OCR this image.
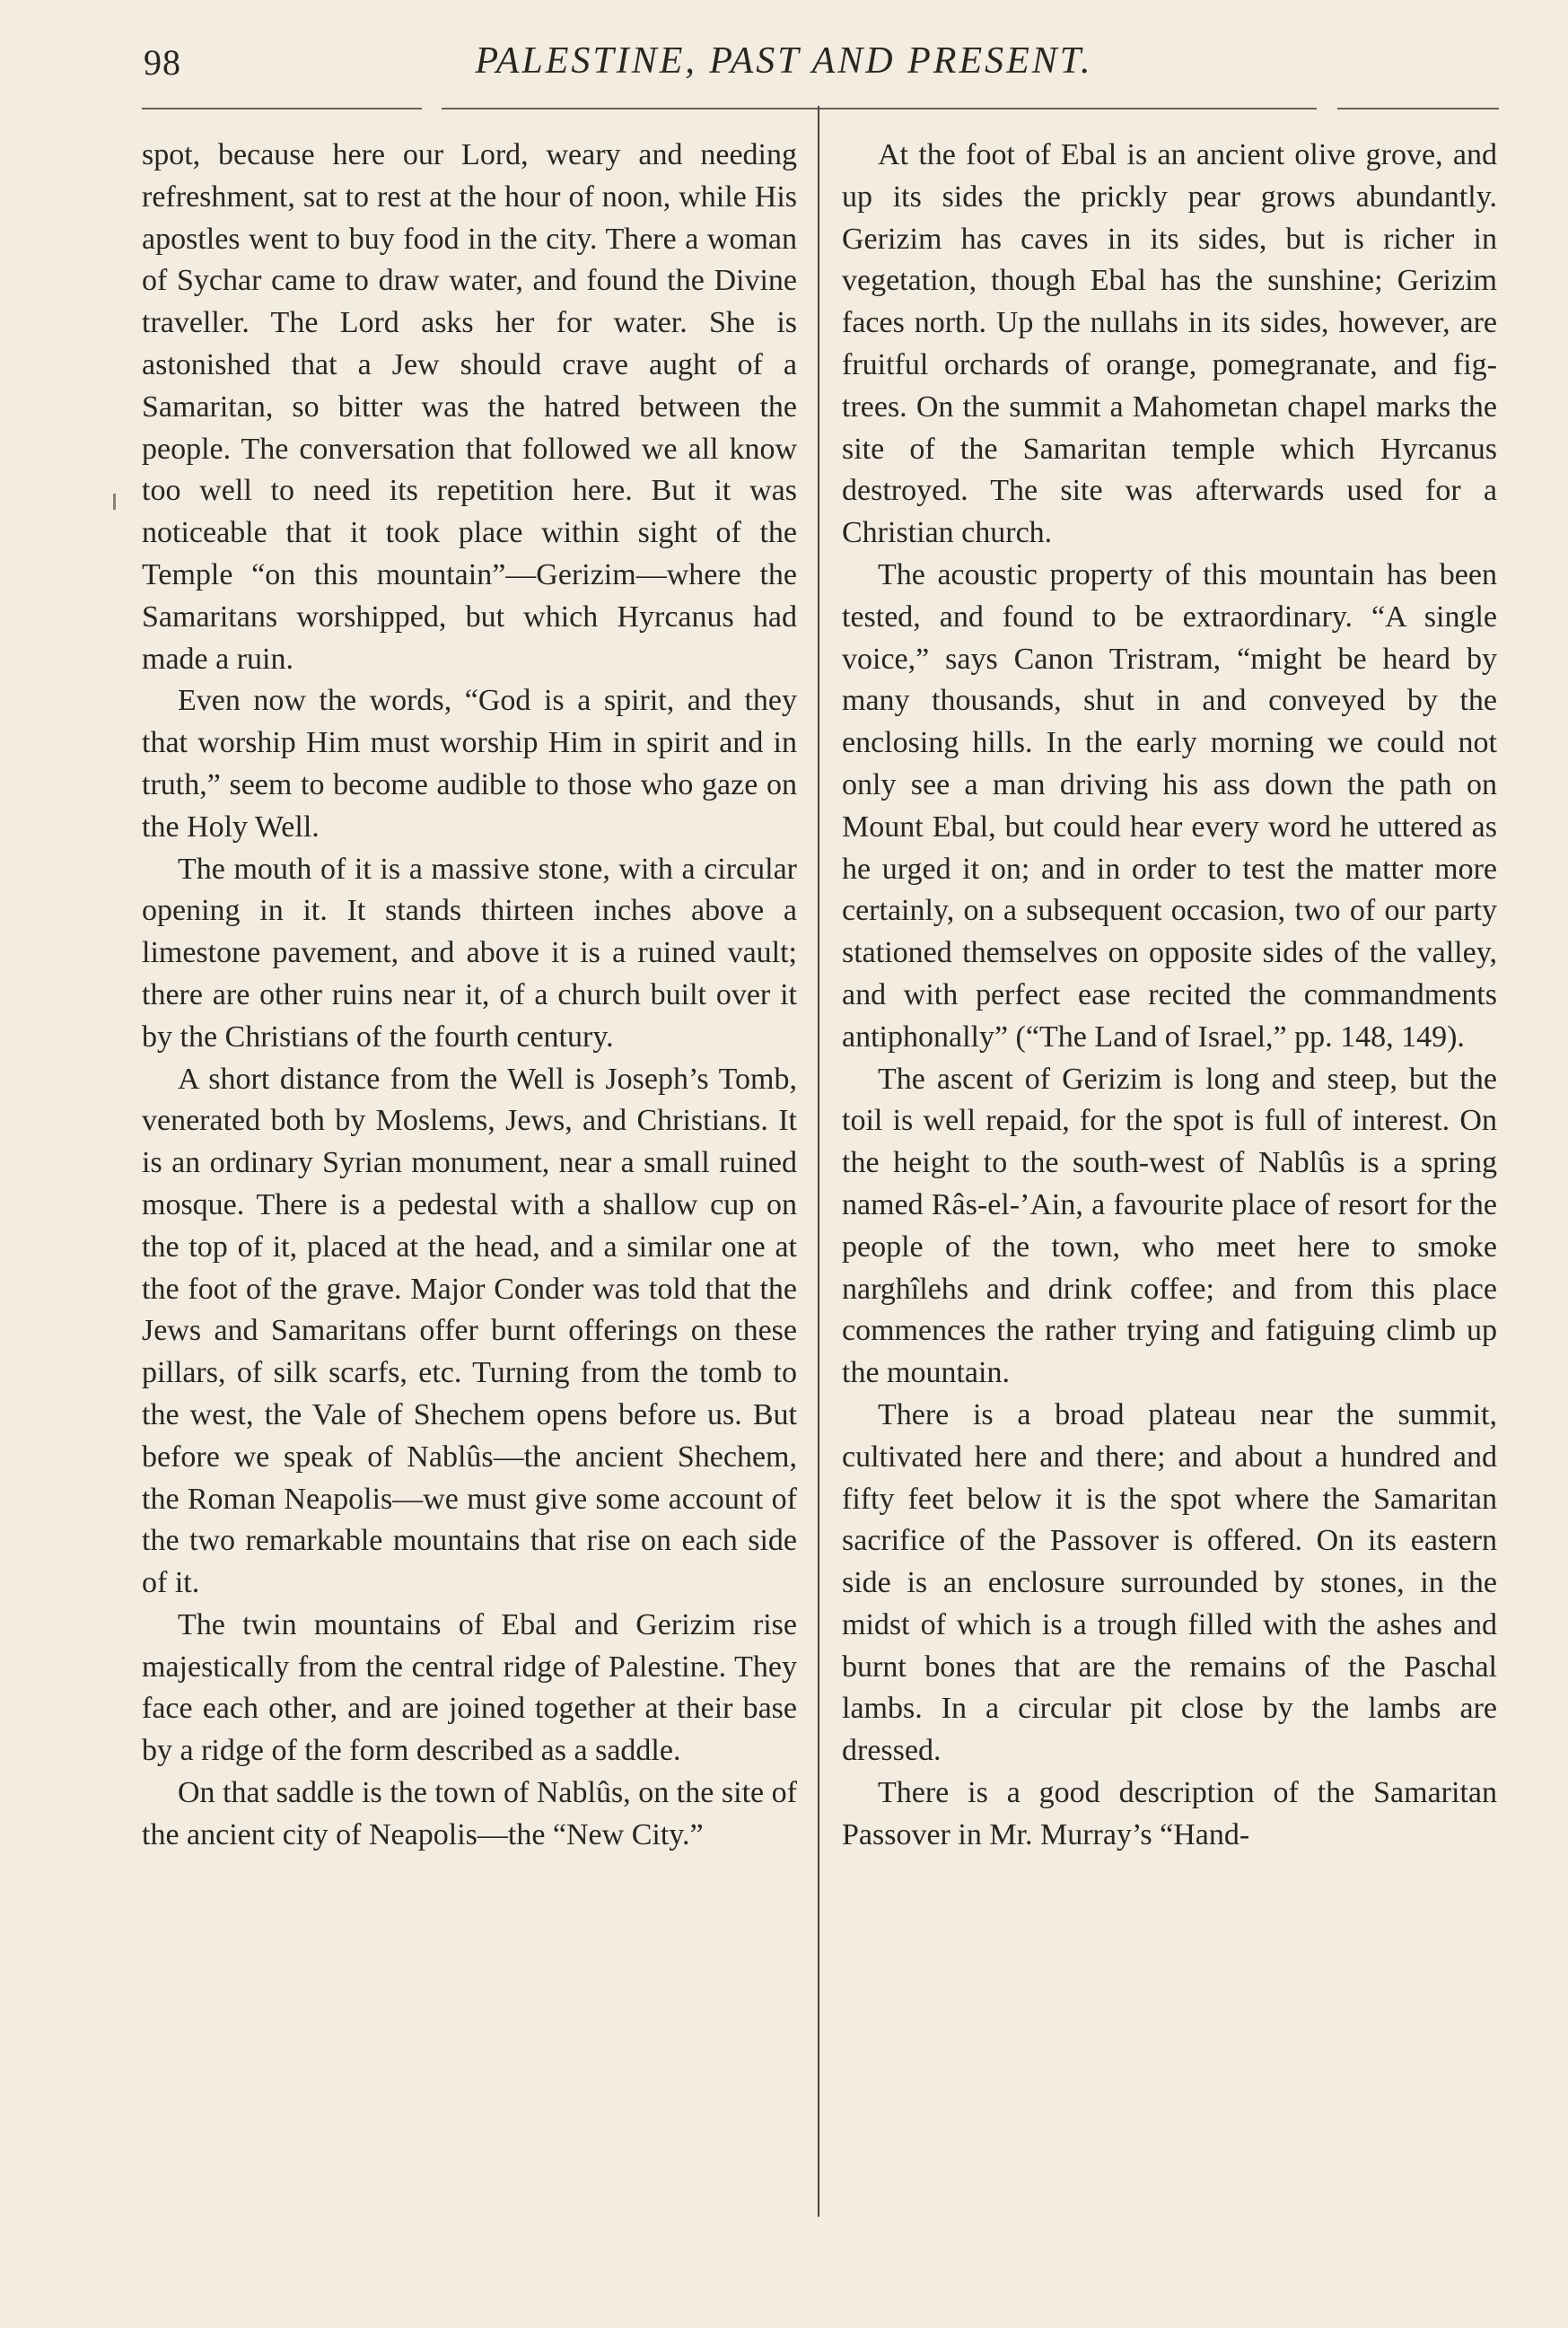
98	PALESTINE, PAST AND PRESENT.

spot, because here our Lord, weary and needing refreshment, sat to rest at the hour of noon, while His apostles went to buy food in the city. There a woman of Sychar came to draw water, and found the Divine traveller. The Lord asks her for water. She is astonished that a Jew should crave aught of a Samaritan, so bitter was the hatred between the people. The conversation that followed we all know too well to need its repetition here. But it was noticeable that it took place within sight of the Temple “on this mountain”—Gerizim—where the Samaritans worshipped, but which Hyrcanus had made a ruin.

Even now the words, “God is a spirit, and they that worship Him must worship Him in spirit and in truth,” seem to become audible to those who gaze on the Holy Well.

The mouth of it is a massive stone, with a circular opening in it. It stands thirteen inches above a limestone pavement, and above it is a ruined vault; there are other ruins near it, of a church built over it by the Christians of the fourth century.

A short distance from the Well is Joseph’s Tomb, venerated both by Moslems, Jews, and Christians. It is an ordinary Syrian monument, near a small ruined mosque. There is a pedestal with a shallow cup on the top of it, placed at the head, and a similar one at the foot of the grave. Major Conder was told that the Jews and Samaritans offer burnt offerings on these pillars, of silk scarfs, etc. Turning from the tomb to the west, the Vale of Shechem opens before us. But before we speak of Nablûs—the ancient Shechem, the Roman Neapolis—we must give some account of the two remarkable mountains that rise on each side of it.

The twin mountains of Ebal and Gerizim rise majestically from the central ridge of Palestine. They face each other, and are joined together at their base by a ridge of the form described as a saddle.

On that saddle is the town of Nablûs, on the site of the ancient city of Neapolis—the “New City.”

At the foot of Ebal is an ancient olive grove, and up its sides the prickly pear grows abundantly. Gerizim has caves in its sides, but is richer in vegetation, though Ebal has the sunshine; Gerizim faces north. Up the nullahs in its sides, however, are fruitful orchards of orange, pomegranate, and fig-trees. On the summit a Mahometan chapel marks the site of the Samaritan temple which Hyrcanus destroyed. The site was afterwards used for a Christian church.

The acoustic property of this mountain has been tested, and found to be extraordinary. “A single voice,” says Canon Tristram, “might be heard by many thousands, shut in and conveyed by the enclosing hills. In the early morning we could not only see a man driving his ass down the path on Mount Ebal, but could hear every word he uttered as he urged it on; and in order to test the matter more certainly, on a subsequent occasion, two of our party stationed themselves on opposite sides of the valley, and with perfect ease recited the commandments antiphonally” (“The Land of Israel,” pp. 148, 149).

The ascent of Gerizim is long and steep, but the toil is well repaid, for the spot is full of interest. On the height to the south-west of Nablûs is a spring named Râs-el-’Ain, a favourite place of resort for the people of the town, who meet here to smoke narghîlehs and drink coffee; and from this place commences the rather trying and fatiguing climb up the mountain.

There is a broad plateau near the summit, cultivated here and there; and about a hundred and fifty feet below it is the spot where the Samaritan sacrifice of the Passover is offered. On its eastern side is an enclosure surrounded by stones, in the midst of which is a trough filled with the ashes and burnt bones that are the remains of the Paschal lambs. In a circular pit close by the lambs are dressed.

There is a good description of the Samaritan Passover in Mr. Murray’s “Hand-
